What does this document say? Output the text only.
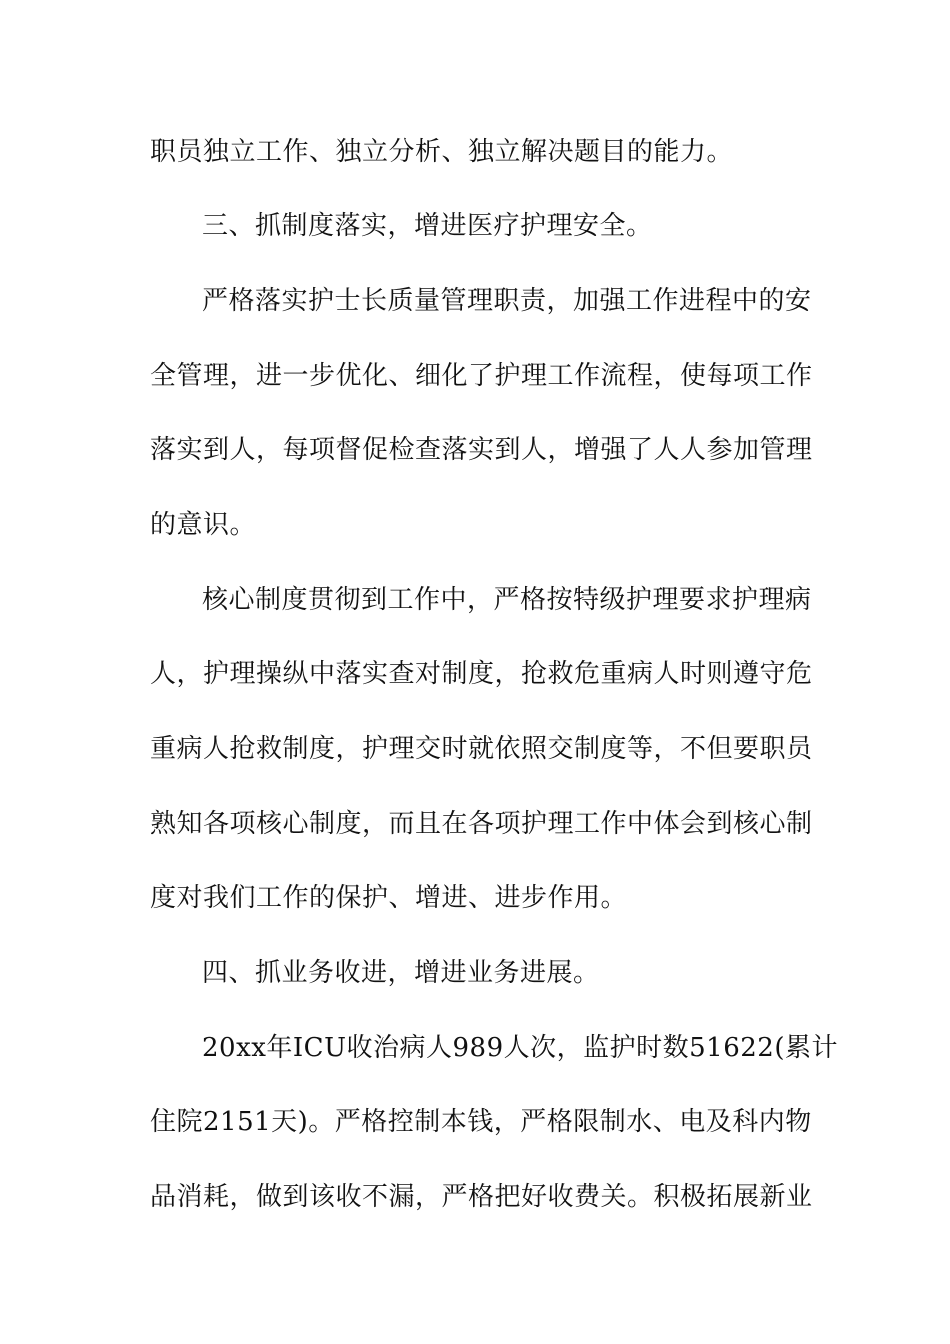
职员独立工作、独立分析、独立解决题目的能力。

三、抓制度落实，增进医疗护理安全。

严格落实护士长质量管理职责，加强工作进程中的安

全管理，进一步优化、细化了护理工作流程，使每项工作

落实到人，每项督促检查落实到人，增强了人人参加管理

的意识。

核心制度贯彻到工作中，严格按特级护理要求护理病

人，护理操纵中落实查对制度，抢救危重病人时则遵守危

重病人抢救制度，护理交时就依照交制度等，不但要职员

熟知各项核心制度，而且在各项护理工作中体会到核心制

度对我们工作的保护、增进、进步作用。

四、抓业务收进，增进业务进展。

20xx年ICU收治病人989人次，监护时数51622(累计

住院2151天)。严格控制本钱，严格限制水、电及科内物

品消耗，做到该收不漏，严格把好收费关。积极拓展新业
